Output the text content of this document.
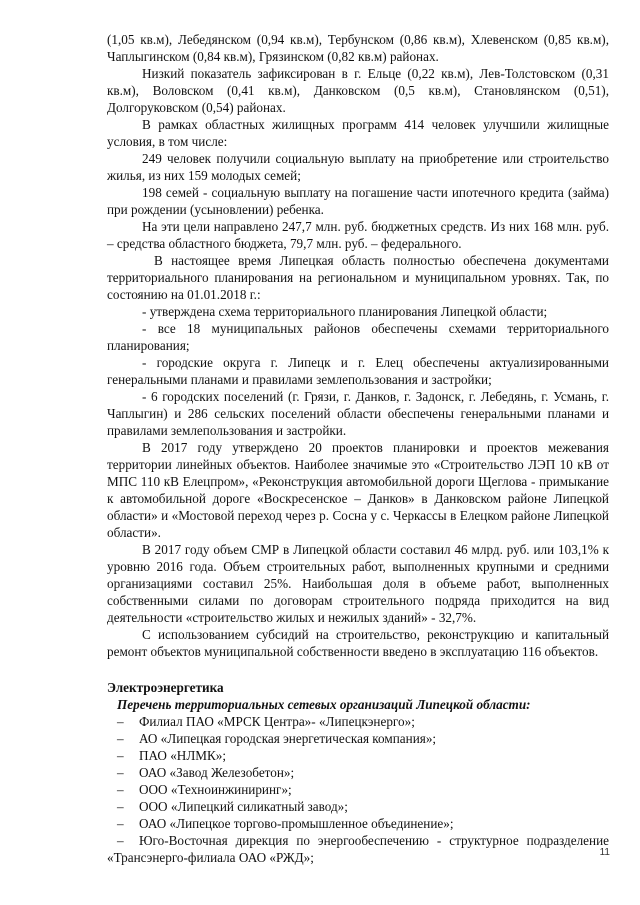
(1,05 кв.м), Лебедянском (0,94 кв.м), Тербунском (0,86 кв.м), Хлевенском (0,85 кв.м), Чаплыгинском (0,84 кв.м), Грязинском (0,82 кв.м) районах.

Низкий показатель зафиксирован в г. Ельце (0,22 кв.м), Лев-Толстовском (0,31 кв.м), Воловском (0,41 кв.м), Данковском (0,5 кв.м), Становлянском (0,51), Долгоруковском (0,54) районах.

В рамках областных жилищных программ 414 человек улучшили жилищные условия, в том числе:

249 человек получили социальную выплату на приобретение или строительство жилья, из них 159 молодых семей;

198 семей - социальную выплату на погашение части ипотечного кредита (займа) при рождении (усыновлении) ребенка.

На эти цели направлено 247,7 млн. руб. бюджетных средств. Из них 168 млн. руб. – средства областного бюджета, 79,7 млн. руб. – федерального.

В настоящее время Липецкая область полностью обеспечена документами территориального планирования на региональном и муниципальном уровнях. Так, по состоянию на 01.01.2018 г.:

- утверждена схема территориального планирования Липецкой области;

- все 18 муниципальных районов обеспечены схемами территориального планирования;

- городские округа г. Липецк и г. Елец обеспечены актуализированными генеральными планами и правилами землепользования и застройки;

- 6 городских поселений (г. Грязи, г. Данков, г. Задонск, г. Лебедянь, г. Усмань, г. Чаплыгин) и 286 сельских поселений области обеспечены генеральными планами и правилами землепользования и застройки.

В 2017 году утверждено 20 проектов планировки и проектов межевания территории линейных объектов. Наиболее значимые это «Строительство ЛЭП 10 кВ от МПС 110 кВ Елецпром», «Реконструкция автомобильной дороги Щеглова - примыкание к автомобильной дороге «Воскресенское – Данков» в Данковском районе Липецкой области» и «Мостовой переход через р. Сосна у с. Черкассы в Елецком районе Липецкой области».

В 2017 году объем СМР в Липецкой области составил 46 млрд. руб. или 103,1% к уровню 2016 года. Объем строительных работ, выполненных крупными и средними организациями составил 25%. Наибольшая доля в объеме работ, выполненных собственными силами по договорам строительного подряда приходится на вид деятельности «строительство жилых и нежилых зданий» - 32,7%.

С использованием субсидий на строительство, реконструкцию и капитальный ремонт объектов муниципальной собственности введено в эксплуатацию 116 объектов.

Электроэнергетика

Перечень территориальных сетевых организаций Липецкой области:

– Филиал ПАО «МРСК Центра»- «Липецкэнерго»;
– АО «Липецкая городская энергетическая компания»;
– ПАО «НЛМК»;
– ОАО «Завод Железобетон»;
– ООО «Техноинжиниринг»;
– ООО «Липецкий силикатный завод»;
– ОАО «Липецкое торгово-промышленное объединение»;
– Юго-Восточная дирекция по энергообеспечению - структурное подразделение «Трансэнерго-филиала ОАО «РЖД»;	11
